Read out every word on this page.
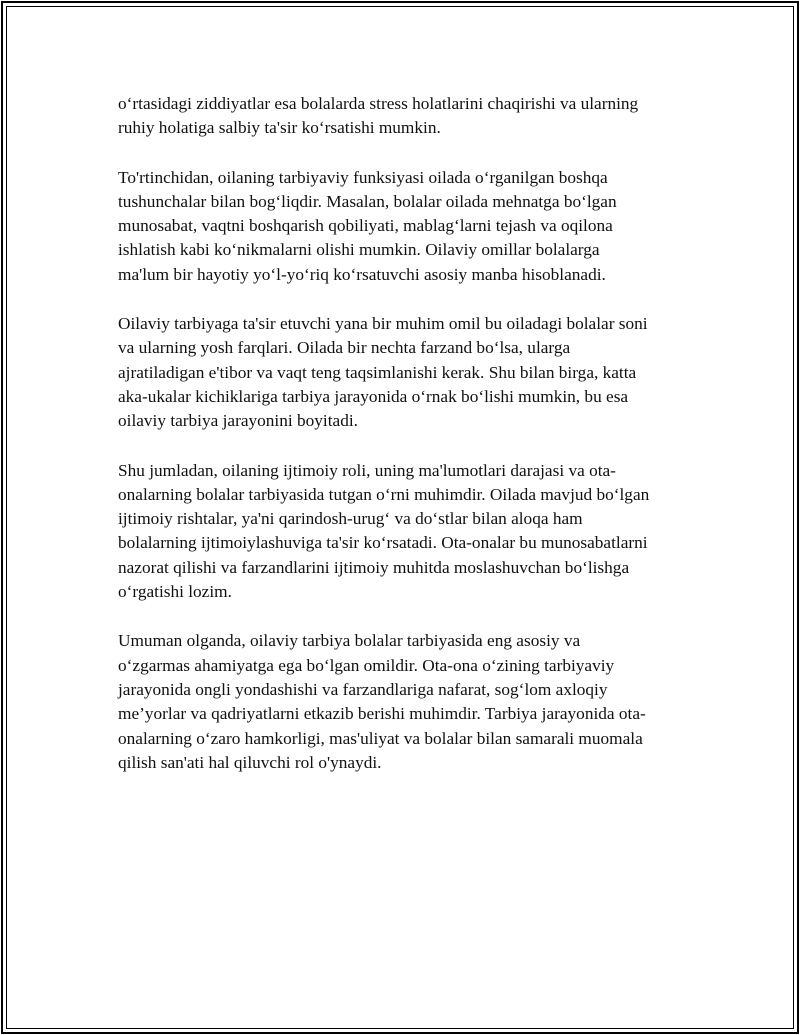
o‘rtasidagi ziddiyatlar esa bolalarda stress holatlarini chaqirishi va ularning
ruhiy holatiga salbiy ta'sir ko‘rsatishi mumkin.
To'rtinchidan, oilaning tarbiyaviy funksiyasi oilada o‘rganilgan boshqa
tushunchalar bilan bog‘liqdir. Masalan, bolalar oilada mehnatga bo‘lgan
munosabat, vaqtni boshqarish qobiliyati, mablag‘larni tejash va oqilona
ishlatish kabi ko‘nikmalarni olishi mumkin. Oilaviy omillar bolalarga
ma'lum bir hayotiy yo‘l-yo‘riq ko‘rsatuvchi asosiy manba hisoblanadi.
Oilaviy tarbiyaga ta'sir etuvchi yana bir muhim omil bu oiladagi bolalar soni
va ularning yosh farqlari. Oilada bir nechta farzand bo‘lsa, ularga
ajratiladigan e'tibor va vaqt teng taqsimlanishi kerak. Shu bilan birga, katta
aka-ukalar kichiklariga tarbiya jarayonida o‘rnak bo‘lishi mumkin, bu esa
oilaviy tarbiya jarayonini boyitadi.
Shu jumladan, oilaning ijtimoiy roli, uning ma'lumotlari darajasi va ota-
onalarning bolalar tarbiyasida tutgan o‘rni muhimdir. Oilada mavjud bo‘lgan
ijtimoiy rishtalar, ya'ni qarindosh-urug‘ va do‘stlar bilan aloqa ham
bolalarning ijtimoiylashuviga ta'sir ko‘rsatadi. Ota-onalar bu munosabatlarni
nazorat qilishi va farzandlarini ijtimoiy muhitda moslashuvchan bo‘lishga
o‘rgatishi lozim.
Umuman olganda, oilaviy tarbiya bolalar tarbiyasida eng asosiy va
o‘zgarmas ahamiyatga ega bo‘lgan omildir. Ota-ona o‘zining tarbiyaviy
jarayonida ongli yondashishi va farzandlariga nafarat, sog‘lom axloqiy
me’yorlar va qadriyatlarni etkazib berishi muhimdir. Tarbiya jarayonida ota-
onalarning o‘zaro hamkorligi, mas'uliyat va bolalar bilan samarali muomala
qilish san'ati hal qiluvchi rol o'ynaydi.
